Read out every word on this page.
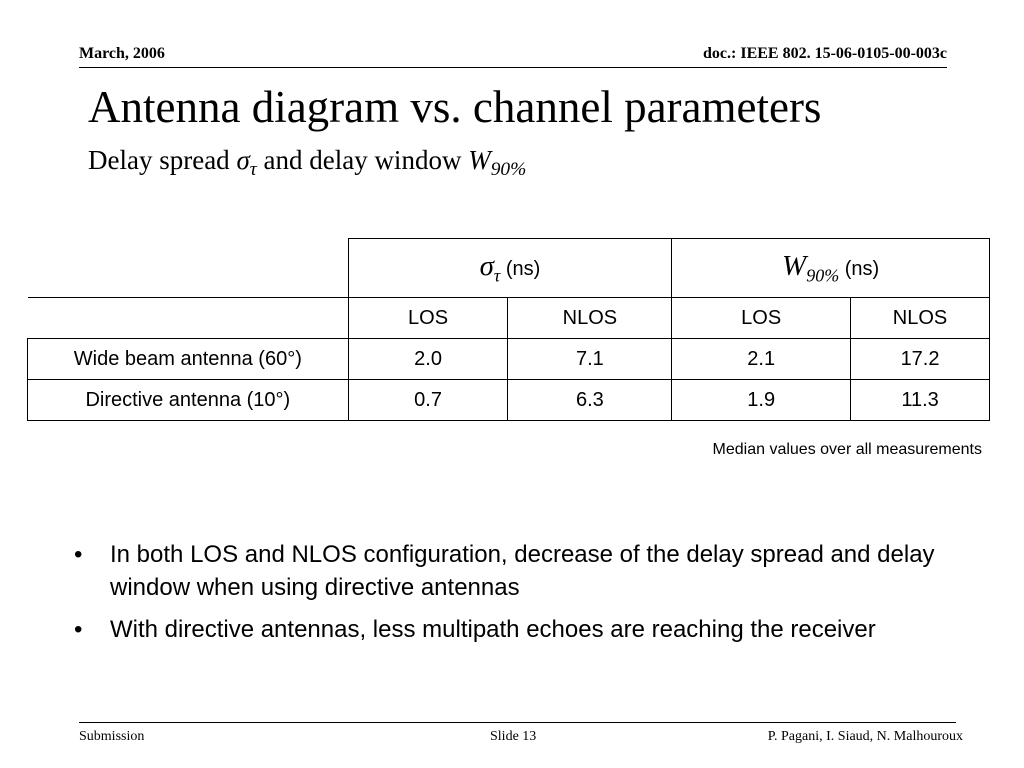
March, 2006	doc.: IEEE 802. 15-06-0105-00-003c
Antenna diagram vs. channel parameters
Delay spread $\sigma_\tau$ and delay window $W_{90\%}$
	στ (ns)		W90% (ns)	
	LOS	NLOS	LOS	NLOS
Wide beam antenna (60°)	2.0	7.1	2.1	17.2
Directive antenna (10°)	0.7	6.3	1.9	11.3
Median values over all measurements
• In both LOS and NLOS configuration, decrease of the delay spread and delay window when using directive antennas
• With directive antennas, less multipath echoes are reaching the receiver
Submission	Slide 13	P. Pagani, I. Siaud, N. Malhouroux
